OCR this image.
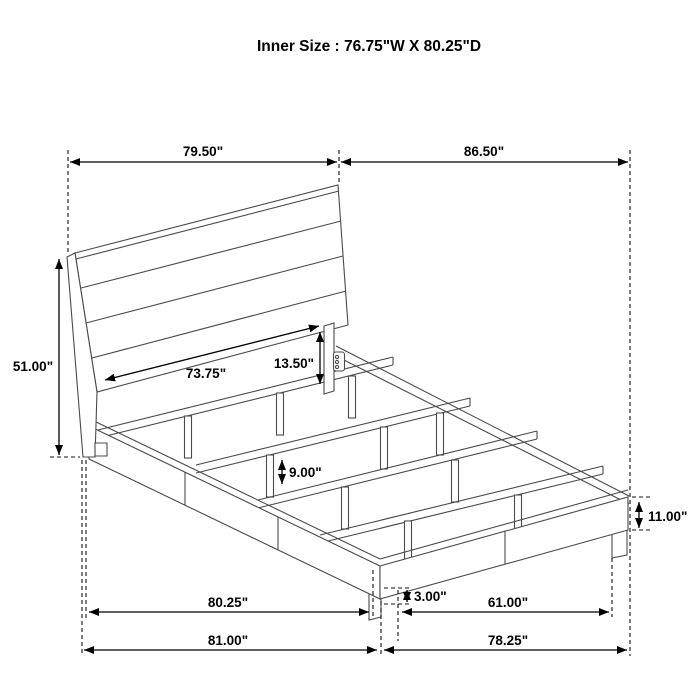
Inner Size : 76.75"W X 80.25"D
79.50"	86.50"
51.00"	73.75"
13.50"
9.00"
11.00"
3.00"
80.25"	61.00"
81.00"	78.25"
